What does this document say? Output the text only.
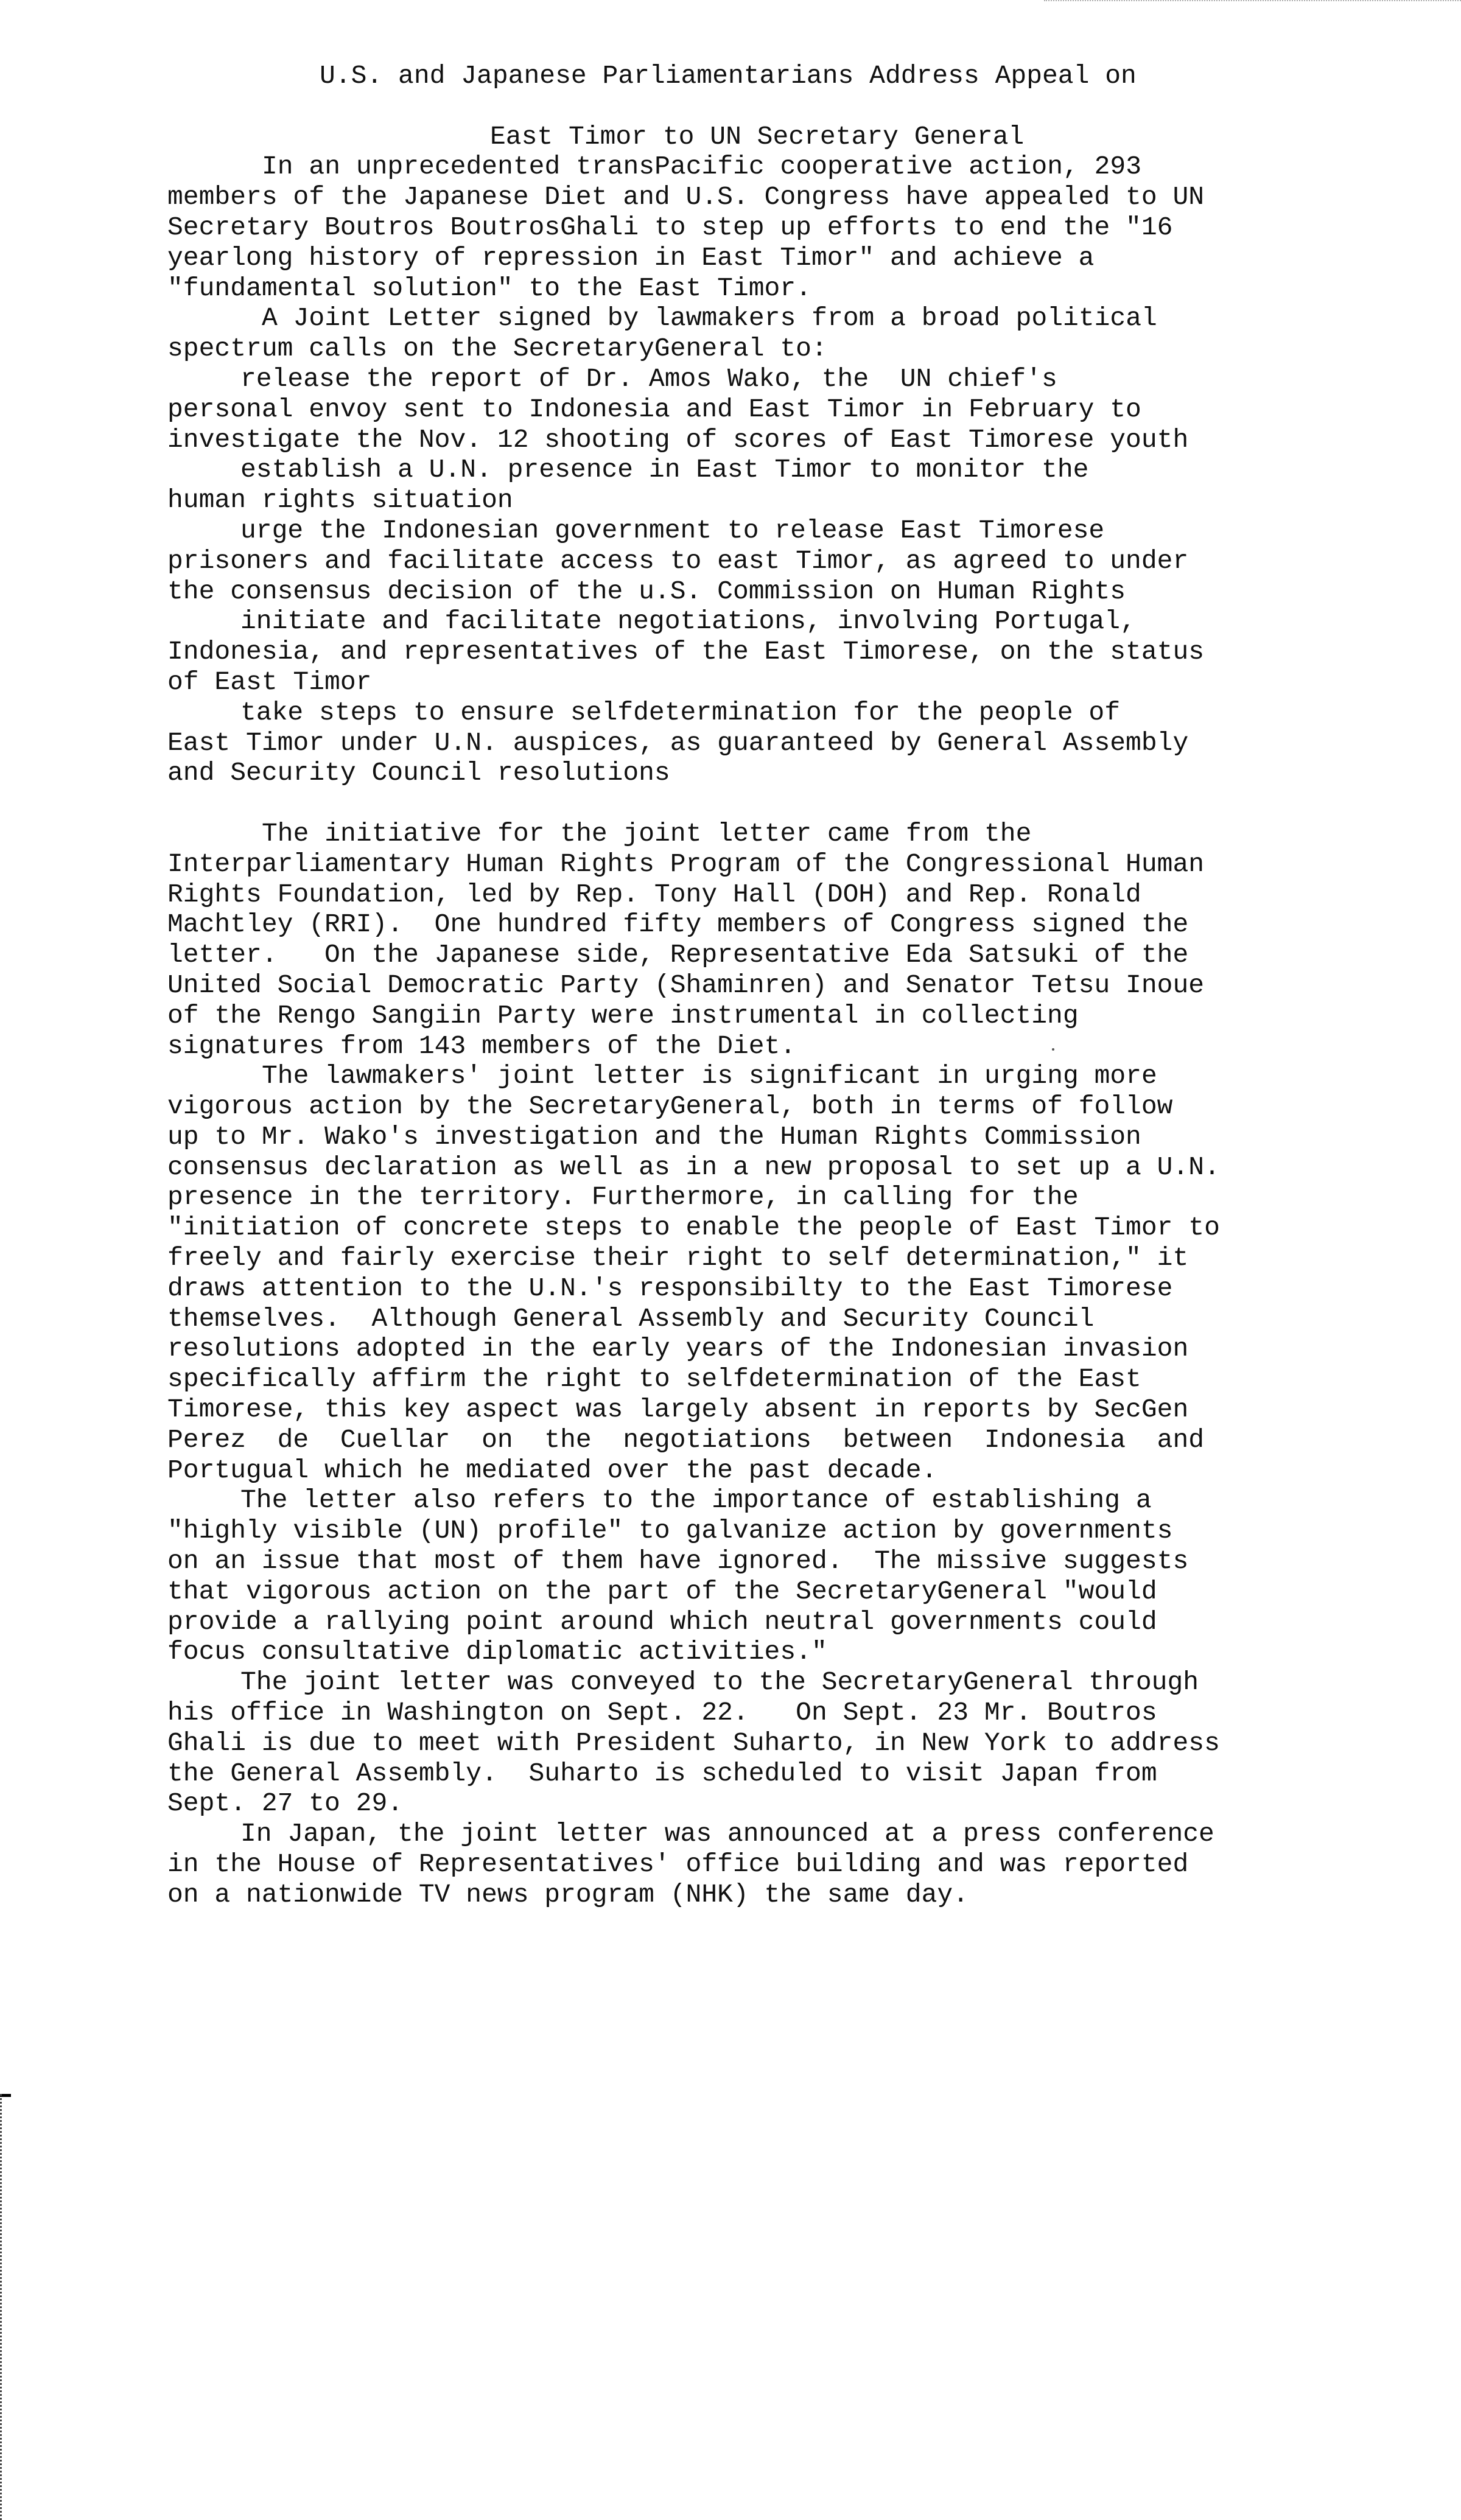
U.S. and Japanese Parliamentarians Address Appeal on
East Timor to UN Secretary General
In an unprecedented transPacific cooperative action, 293
members of the Japanese Diet and U.S. Congress have appealed to UN
Secretary Boutros BoutrosGhali to step up efforts to end the "16
yearlong history of repression in East Timor" and achieve a
"fundamental solution" to the East Timor.
A Joint Letter signed by lawmakers from a broad political
spectrum calls on the SecretaryGeneral to:
release the report of Dr. Amos Wako, the  UN chief's
personal envoy sent to Indonesia and East Timor in February to
investigate the Nov. 12 shooting of scores of East Timorese youth
establish a U.N. presence in East Timor to monitor the
human rights situation
urge the Indonesian government to release East Timorese
prisoners and facilitate access to east Timor, as agreed to under
the consensus decision of the u.S. Commission on Human Rights
initiate and facilitate negotiations, involving Portugal,
Indonesia, and representatives of the East Timorese, on the status
of East Timor
take steps to ensure selfdetermination for the people of
East Timor under U.N. auspices, as guaranteed by General Assembly
and Security Council resolutions
The initiative for the joint letter came from the
Interparliamentary Human Rights Program of the Congressional Human
Rights Foundation, led by Rep. Tony Hall (DOH) and Rep. Ronald
Machtley (RRI).  One hundred fifty members of Congress signed the
letter.   On the Japanese side, Representative Eda Satsuki of the
United Social Democratic Party (Shaminren) and Senator Tetsu Inoue
of the Rengo Sangiin Party were instrumental in collecting
signatures from 143 members of the Diet.
The lawmakers' joint letter is significant in urging more
vigorous action by the SecretaryGeneral, both in terms of follow
up to Mr. Wako's investigation and the Human Rights Commission
consensus declaration as well as in a new proposal to set up a U.N.
presence in the territory. Furthermore, in calling for the
"initiation of concrete steps to enable the people of East Timor to
freely and fairly exercise their right to self determination," it
draws attention to the U.N.'s responsibilty to the East Timorese
themselves.  Although General Assembly and Security Council
resolutions adopted in the early years of the Indonesian invasion
specifically affirm the right to selfdetermination of the East
Timorese, this key aspect was largely absent in reports by SecGen
Perez  de  Cuellar  on  the  negotiations  between  Indonesia  and
Portugual which he mediated over the past decade.
The letter also refers to the importance of establishing a
"highly visible (UN) profile" to galvanize action by governments
on an issue that most of them have ignored.  The missive suggests
that vigorous action on the part of the SecretaryGeneral "would
provide a rallying point around which neutral governments could
focus consultative diplomatic activities."
The joint letter was conveyed to the SecretaryGeneral through
his office in Washington on Sept. 22.   On Sept. 23 Mr. Boutros
Ghali is due to meet with President Suharto, in New York to address
the General Assembly.  Suharto is scheduled to visit Japan from
Sept. 27 to 29.
In Japan, the joint letter was announced at a press conference
in the House of Representatives' office building and was reported
on a nationwide TV news program (NHK) the same day.
